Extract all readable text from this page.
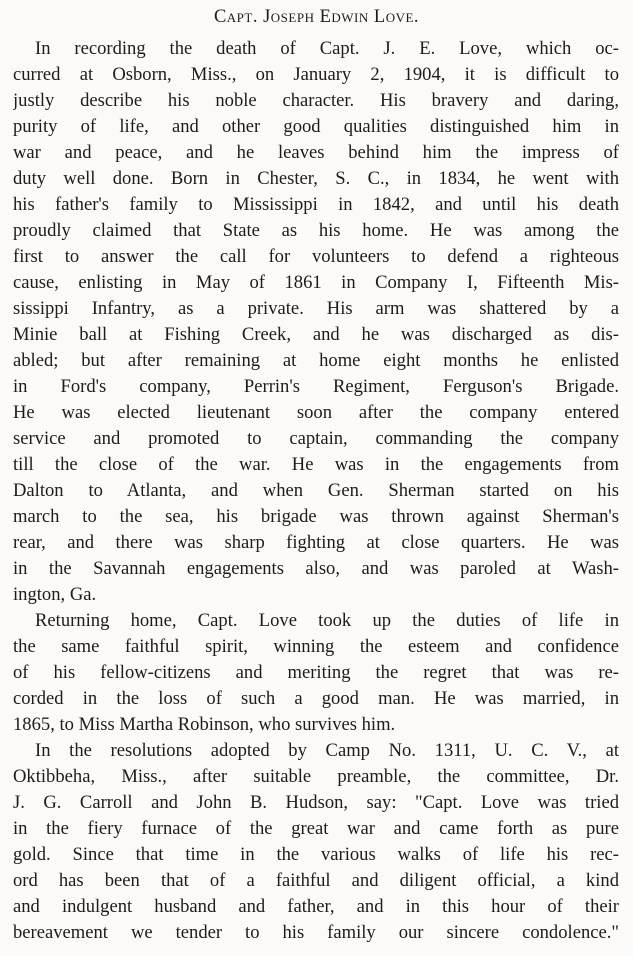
Capt. Joseph Edwin Love.
In recording the death of Capt. J. E. Love, which oc-
curred at Osborn, Miss., on January 2, 1904, it is difficult to
justly describe his noble character. His bravery and daring,
purity of life, and other good qualities distinguished him in
war and peace, and he leaves behind him the impress of
duty well done. Born in Chester, S. C., in 1834, he went with
his father's family to Mississippi in 1842, and until his death
proudly claimed that State as his home. He was among the
first to answer the call for volunteers to defend a righteous
cause, enlisting in May of 1861 in Company I, Fifteenth Mis-
sissippi Infantry, as a private. His arm was shattered by a
Minie ball at Fishing Creek, and he was discharged as dis-
abled; but after remaining at home eight months he enlisted
in Ford's company, Perrin's Regiment, Ferguson's Brigade.
He was elected lieutenant soon after the company entered
service and promoted to captain, commanding the company
till the close of the war. He was in the engagements from
Dalton to Atlanta, and when Gen. Sherman started on his
march to the sea, his brigade was thrown against Sherman's
rear, and there was sharp fighting at close quarters. He was
in the Savannah engagements also, and was paroled at Wash-
ington, Ga.
Returning home, Capt. Love took up the duties of life in
the same faithful spirit, winning the esteem and confidence
of his fellow-citizens and meriting the regret that was re-
corded in the loss of such a good man. He was married, in
1865, to Miss Martha Robinson, who survives him.
In the resolutions adopted by Camp No. 1311, U. C. V., at
Oktibbeha, Miss., after suitable preamble, the committee, Dr.
J. G. Carroll and John B. Hudson, say: "Capt. Love was tried
in the fiery furnace of the great war and came forth as pure
gold. Since that time in the various walks of life his rec-
ord has been that of a faithful and diligent official, a kind
and indulgent husband and father, and in this hour of their
bereavement we tender to his family our sincere condolence."
